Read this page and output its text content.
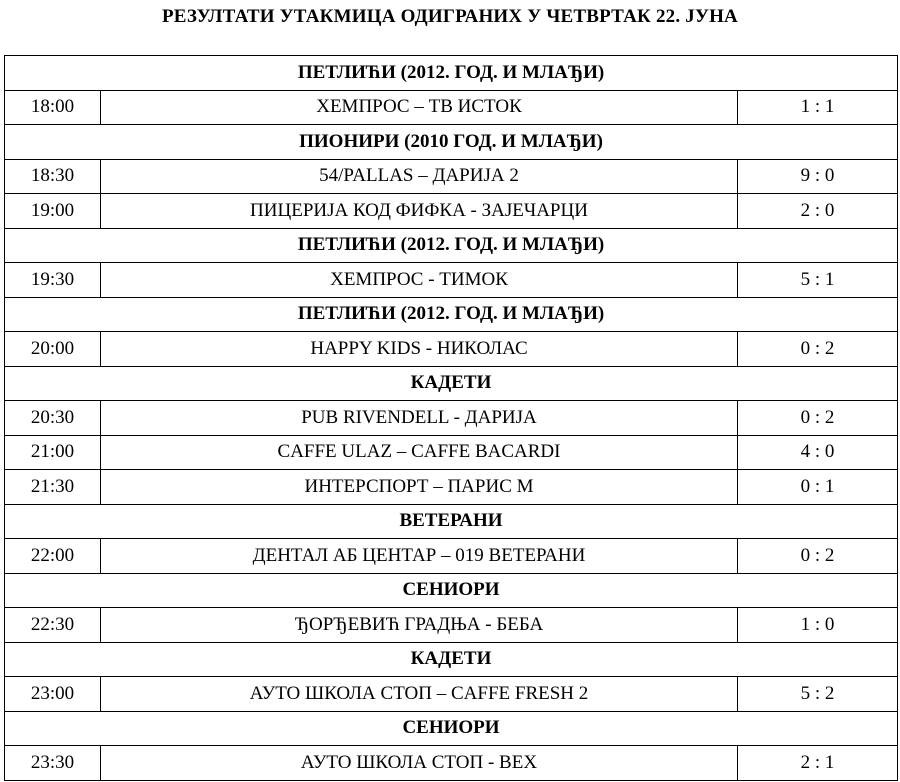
РЕЗУЛТАТИ УТАКМИЦА ОДИГРАНИХ У ЧЕТВРТАК 22. ЈУНА
ПЕТЛИЋИ (2012. ГОД. И МЛАЂИ)		
18:00	ХЕМПРОС – ТВ ИСТОК	1 : 1
ПИОНИРИ (2010 ГОД. И МЛАЂИ)		
18:30	54/PALLAS – ДАРИЈА 2	9 : 0
19:00	ПИЦЕРИЈА КОД ФИФКА - ЗАЈЕЧАРЦИ	2 : 0
ПЕТЛИЋИ (2012. ГОД. И МЛАЂИ)		
19:30	ХЕМПРОС - ТИМОК	5 : 1
ПЕТЛИЋИ (2012. ГОД. И МЛАЂИ)		
20:00	HAPPY KIDS - НИКОЛАС	0 : 2
КАДЕТИ		
20:30	PUB RIVENDELL - ДАРИЈА	0 : 2
21:00	CAFFE ULAZ – CAFFE BACARDI	4 : 0
21:30	ИНТЕРСПОРТ – ПАРИС М	0 : 1
ВЕТЕРАНИ		
22:00	ДЕНТАЛ АБ ЦЕНТАР – 019 ВЕТЕРАНИ	0 : 2
СЕНИОРИ		
22:30	ЂОРЂЕВИЋ ГРАДЊА - БЕБА	1 : 0
КАДЕТИ		
23:00	АУТО ШКОЛА СТОП – CAFFE FRESH 2	5 : 2
СЕНИОРИ		
23:30	АУТО ШКОЛА СТОП - ВЕХ	2 : 1
